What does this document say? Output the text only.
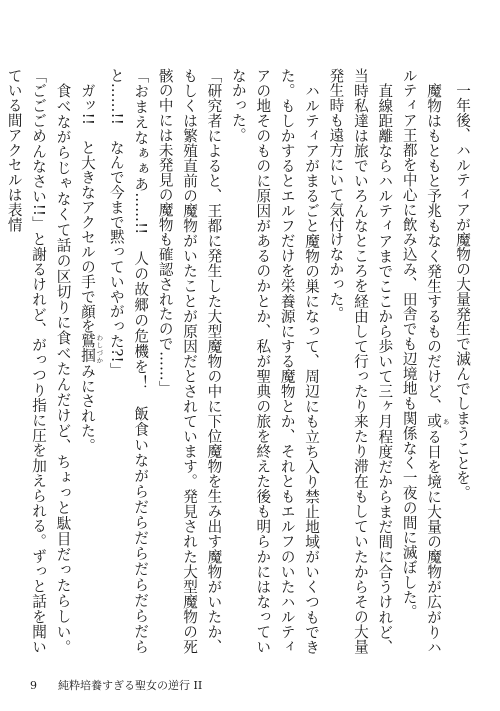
一年後、ハルティアが魔物の大量発生で滅んでしまうことを。

魔物はもともと予兆もなく発生するものだけど、或 ある日を境に大量の魔物が広がりハルティア王都を中心に飲み込み、田舎でも辺境地も関係なく一夜の間に滅ぼした。

直線距離ならハルティアまでここから歩いて三ヶ月程度だからまだ間に合うけれど、当時私達は旅でいろんなところを経由して行ったり来たり滞在もしていたからその大量発生時も遠方にいて気付けなかった。

ハルティアがまるごと魔物の巣になって、周辺にも立ち入り禁止地域がいくつもできた。もしかするとエルフだけを栄養源にする魔物とか、それともエルフのいたハルティアの地そのものに原因があるのかとか、私が聖典の旅を終えた後も明らかにはなっていなかった。

「研究者によると、王都に発生した大型魔物の中に下位魔物を生み出す魔物がいたか、もしくは繁殖直前の魔物がいたことが原因だとされています。発見された大型魔物の死骸の中には未発見の魔物も確認されたので……」

「おまえなぁぁあ……!!　人の故郷の危機を！　飯食いながらだらだらだらだらだらと……!!　なんで今まで黙っていやがった?!」

ガッ!!　と大きなアクセルの手で顔を鷲掴 わしづかみにされた。

食べながらじゃなくて話の区切りに食べたんだけど、ちょっと駄目だったらしい。「ごごごめんなさい!!」と謝るけれど、がっつり指に圧を加えられる。ずっと話を聞いている間アクセルは表情

9 純粋培養すぎる聖女の逆行 II
